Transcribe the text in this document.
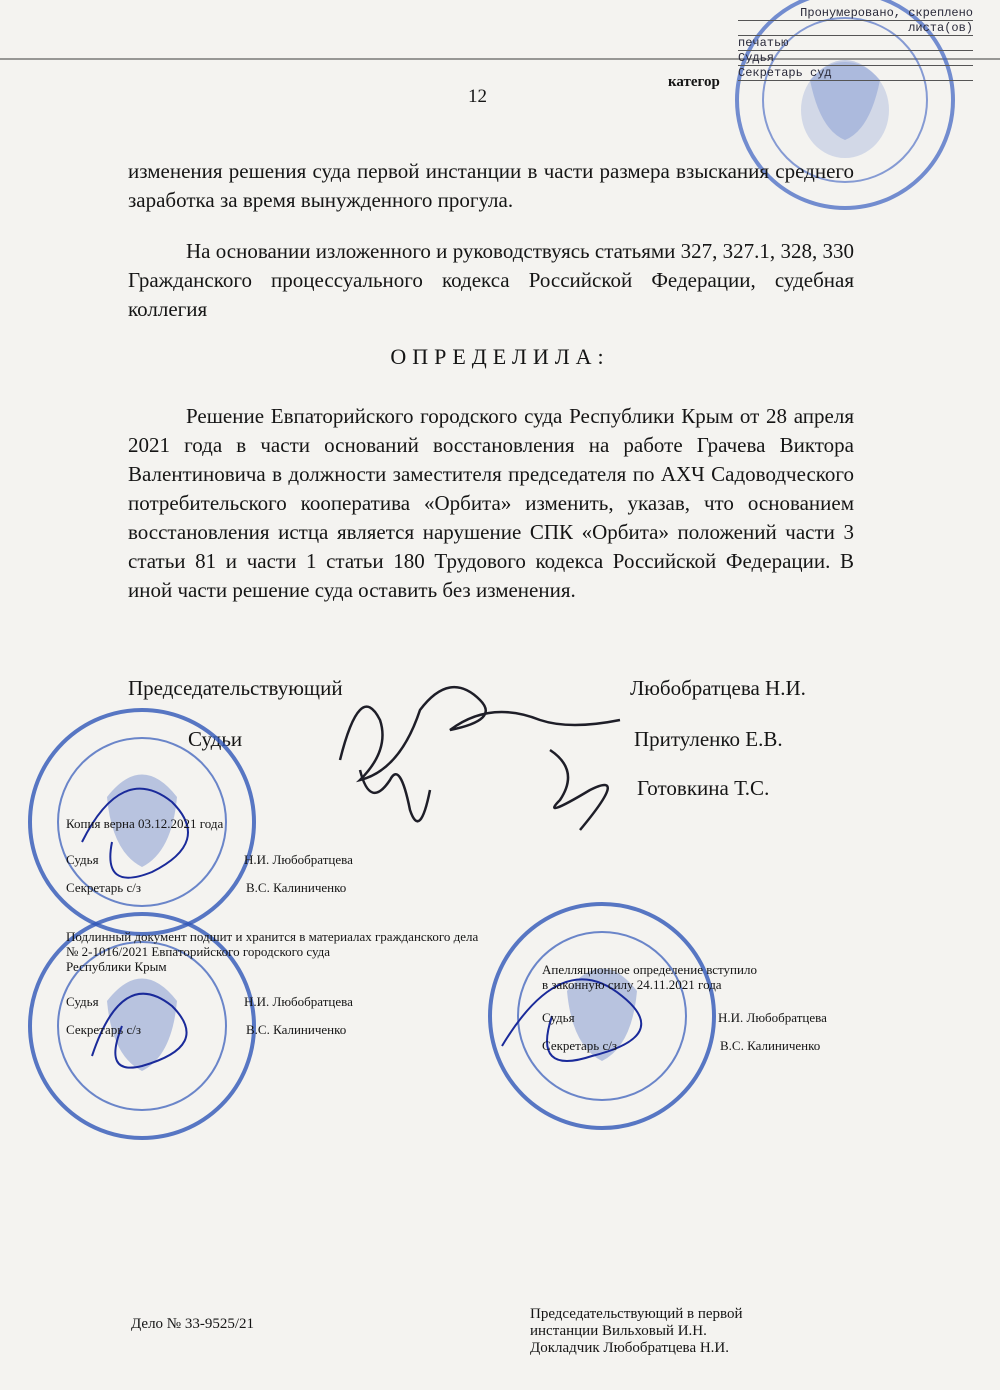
Пронумеровано, скреплено
листа(ов)
печатью
Судья
Секретарь суд
12
категор
изменения решения суда первой инстанции в части размера взыскания среднего заработка за время вынужденного прогула.
На основании изложенного и руководствуясь статьями 327, 327.1, 328, 330 Гражданского процессуального кодекса Российской Федерации, судебная коллегия
ОПРЕДЕЛИЛА:
Решение Евпаторийского городского суда Республики Крым от 28 апреля 2021 года в части оснований восстановления на работе Грачева Виктора Валентиновича в должности заместителя председателя по АХЧ Садоводческого потребительского кооператива «Орбита» изменить, указав, что основанием восстановления истца является нарушение СПК «Орбита» положений части 3 статьи 81 и части 1 статьи 180 Трудового кодекса Российской Федерации. В иной части решение суда оставить без изменения.
Председательствующий	Любобратцева Н.И.
Судьи	Притуленко Е.В.
Готовкина Т.С.
Копия верна 03.12.2021 года
Судья	Н.И. Любобратцева
Секретарь с/з	В.С. Калиниченко
Подлинный документ подшит и хранится в материалах гражданского дела
№ 2-1016/2021 Евпаторийского городского суда
Республики Крым
Судья	Н.И. Любобратцева
Секретарь с/з	В.С. Калиниченко
Апелляционное определение вступило
в законную силу 24.11.2021 года
Судья	Н.И. Любобратцева
Секретарь с/з	В.С. Калиниченко
Дело № 33-9525/21
Председательствующий в первой инстанции Вильховый И.Н.
Докладчик Любобратцева Н.И.
